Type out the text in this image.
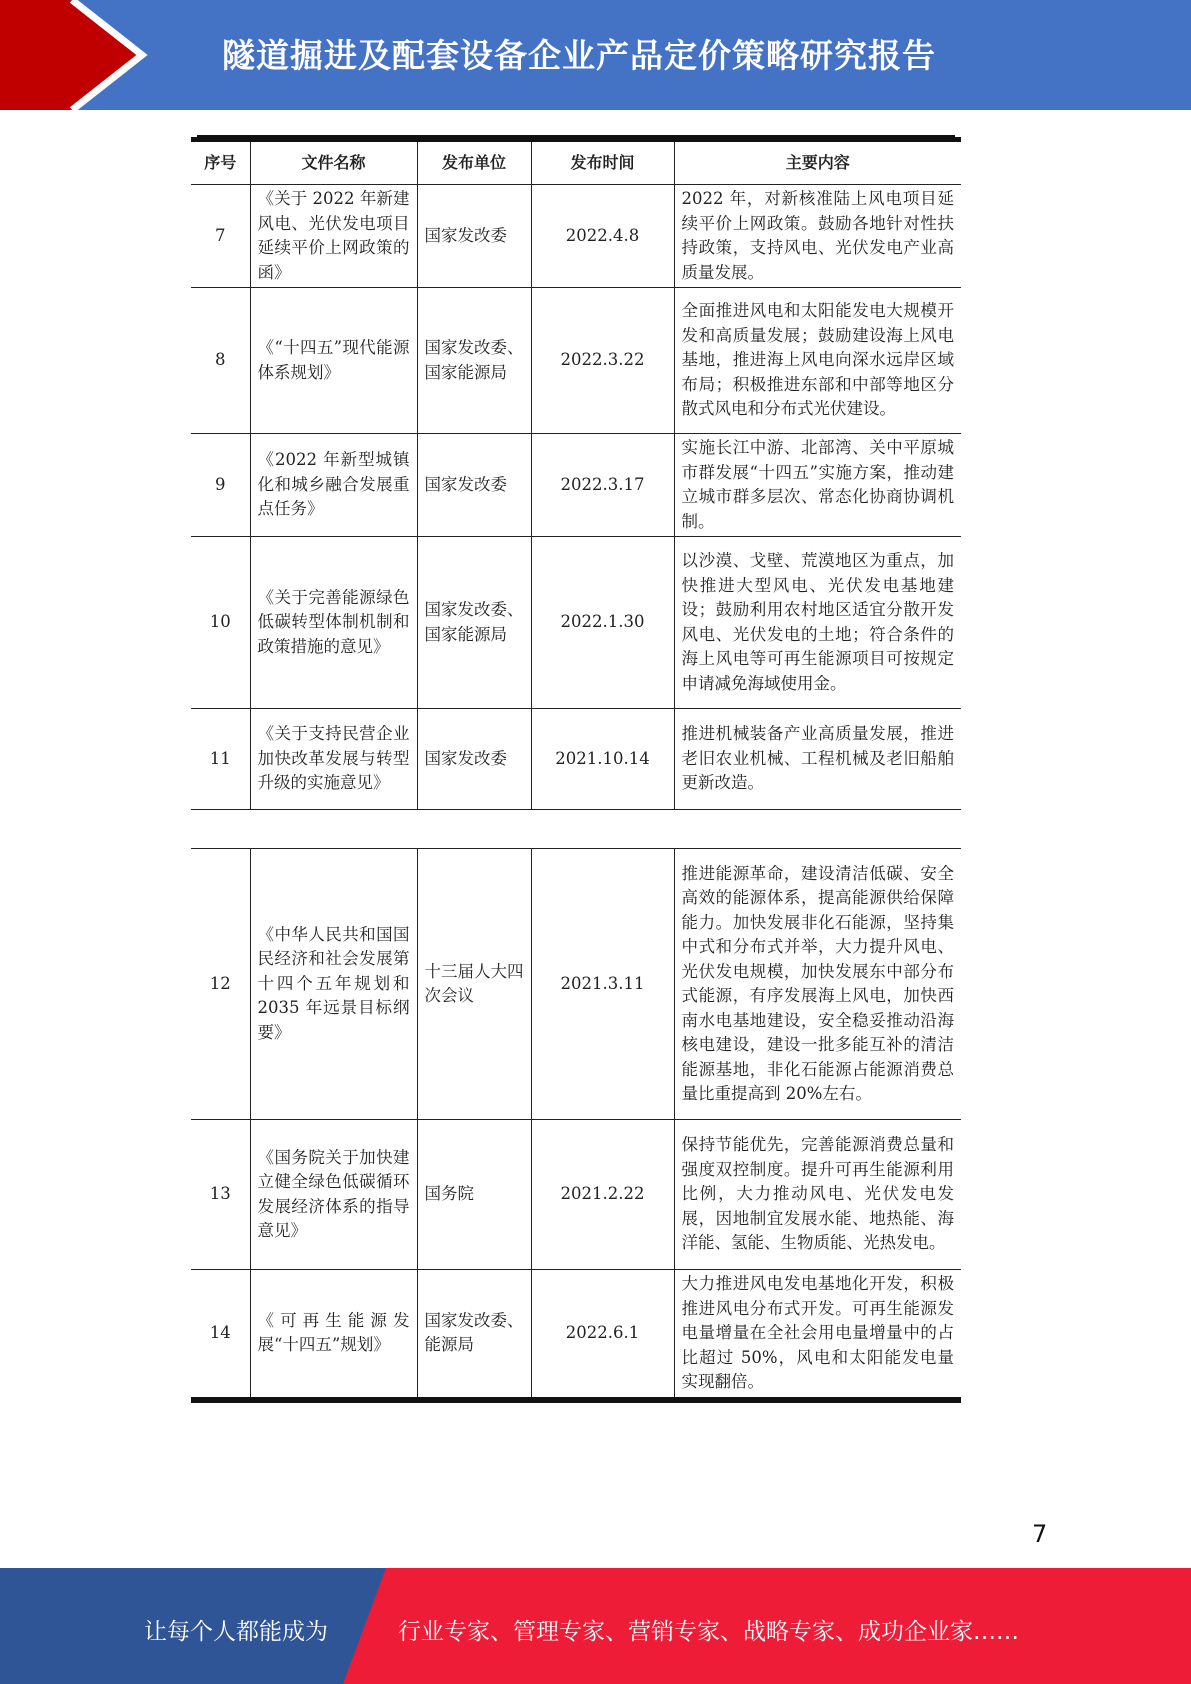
隧道掘进及配套设备企业产品定价策略研究报告
序号	文件名称	发布单位	发布时间	主要内容
7	《关于 2022 年新建风电、光伏发电项目延续平价上网政策的函》	国家发改委	2022.4.8	2022 年，对新核准陆上风电项目延续平价上网政策。鼓励各地针对性扶持政策，支持风电、光伏发电产业高质量发展。
8	《“十四五”现代能源体系规划》	国家发改委、国家能源局	2022.3.22	全面推进风电和太阳能发电大规模开发和高质量发展；鼓励建设海上风电基地，推进海上风电向深水远岸区域布局；积极推进东部和中部等地区分散式风电和分布式光伏建设。
9	《2022 年新型城镇化和城乡融合发展重点任务》	国家发改委	2022.3.17	实施长江中游、北部湾、关中平原城市群发展“十四五”实施方案，推动建立城市群多层次、常态化协商协调机制。
10	《关于完善能源绿色低碳转型体制机制和政策措施的意见》	国家发改委、国家能源局	2022.1.30	以沙漠、戈壁、荒漠地区为重点，加快推进大型风电、光伏发电基地建设；鼓励利用农村地区适宜分散开发风电、光伏发电的土地；符合条件的海上风电等可再生能源项目可按规定申请减免海域使用金。
11	《关于支持民营企业加快改革发展与转型升级的实施意见》	国家发改委	2021.10.14	推进机械装备产业高质量发展，推进老旧农业机械、工程机械及老旧船舶更新改造。
12	《中华人民共和国国民经济和社会发展第十四个五年规划和 2035 年远景目标纲要》	十三届人大四次会议	2021.3.11	推进能源革命，建设清洁低碳、安全高效的能源体系，提高能源供给保障能力。加快发展非化石能源，坚持集中式和分布式并举，大力提升风电、光伏发电规模，加快发展东中部分布式能源，有序发展海上风电，加快西南水电基地建设，安全稳妥推动沿海核电建设，建设一批多能互补的清洁能源基地，非化石能源占能源消费总量比重提高到 20%左右。
13	《国务院关于加快建立健全绿色低碳循环发展经济体系的指导意见》	国务院	2021.2.22	保持节能优先，完善能源消费总量和强度双控制度。提升可再生能源利用比例，大力推动风电、光伏发电发展，因地制宜发展水能、地热能、海洋能、氢能、生物质能、光热发电。
14	《可再生能源发展“十四五”规划》	国家发改委、能源局	2022.6.1	大力推进风电发电基地化开发，积极推进风电分布式开发。可再生能源发电量增量在全社会用电量增量中的占比超过 50%，风电和太阳能发电量实现翻倍。
7
让每个人都能成为	行业专家、管理专家、营销专家、战略专家、成功企业家……
